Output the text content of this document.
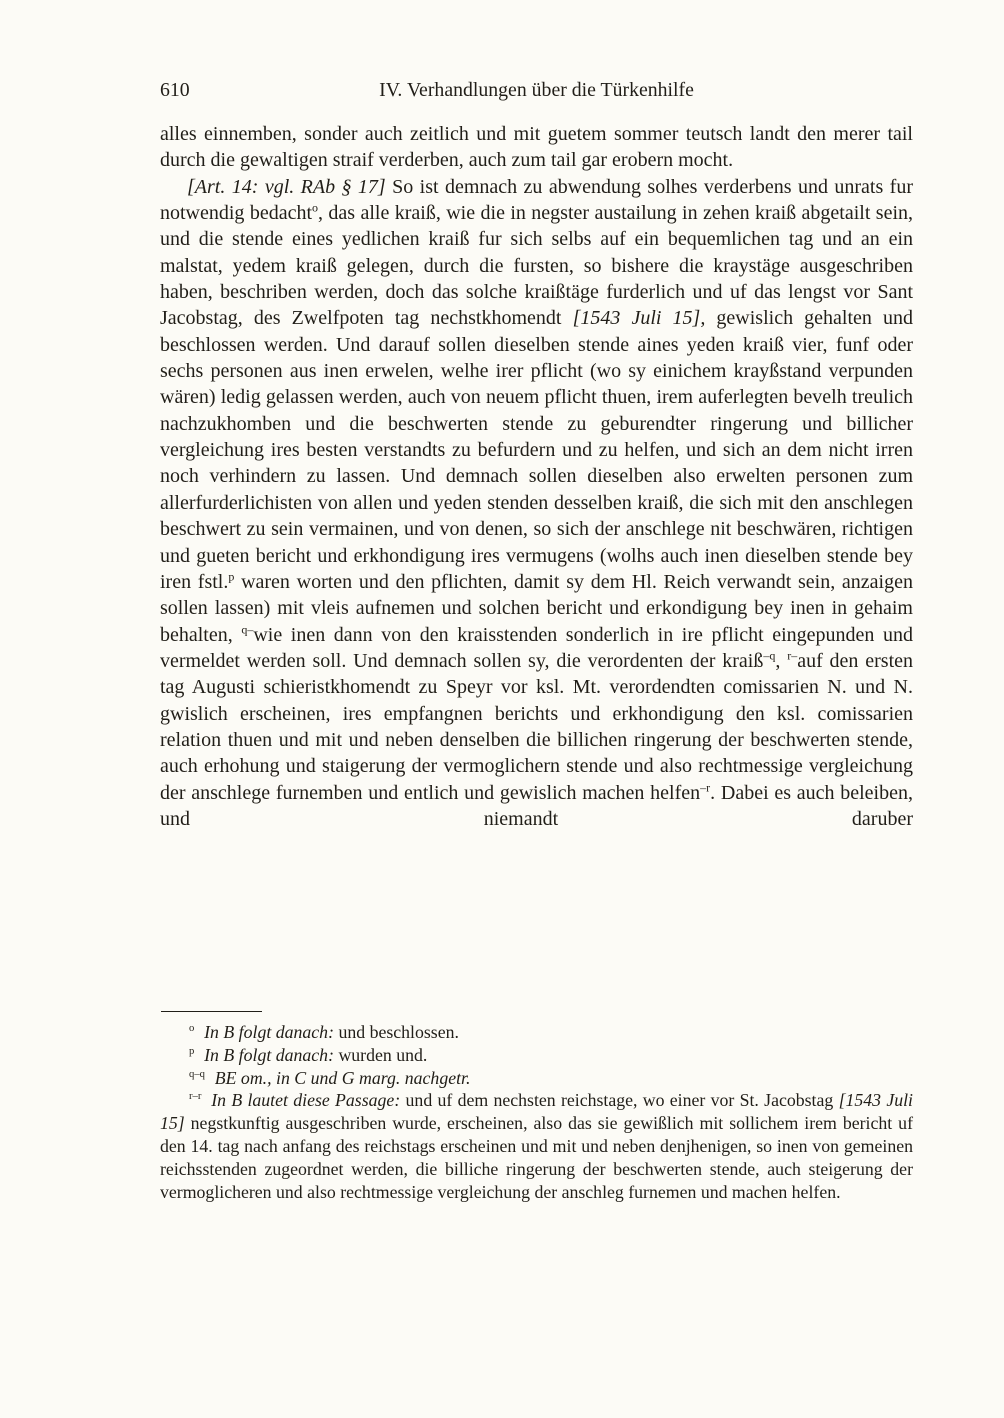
610	IV. Verhandlungen über die Türkenhilfe

alles einnemben, sonder auch zeitlich und mit guetem sommer teutsch landt den merer tail durch die gewaltigen straif verderben, auch zum tail gar erobern mocht.

[Art. 14: vgl. RAb § 17] So ist demnach zu abwendung solhes verderbens und unrats fur notwendig bedacht$^o$, das alle kraiß, wie die in negster austailung in zehen kraiß abgetailt sein, und die stende eines yedlichen kraiß fur sich selbs auf ein bequemlichen tag und an ein malstat, yedem kraiß gelegen, durch die fursten, so bishere die kraystäge ausgeschriben haben, beschriben werden, doch das solche kraißtäge furderlich und uf das lengst vor Sant Jacobstag, des Zwelfpoten tag nechstkhomendt [1543 Juli 15], gewislich gehalten und beschlossen werden. Und darauf sollen dieselben stende aines yeden kraiß vier, funf oder sechs personen aus inen erwelen, welhe irer pflicht (wo sy einichem krayßstand verpunden wären) ledig gelassen werden, auch von neuem pflicht thuen, irem auferlegten bevelh treulich nachzukhomben und die beschwerten stende zu geburendter ringerung und billicher vergleichung ires besten verstandts zu befurdern und zu helfen, und sich an dem nicht irren noch verhindern zu lassen. Und demnach sollen dieselben also erwelten personen zum allerfurderlichisten von allen und yeden stenden desselben kraiß, die sich mit den anschlegen beschwert zu sein vermainen, und von denen, so sich der anschlege nit beschwären, richtigen und gueten bericht und erkhondigung ires vermugens (wolhs auch inen dieselben stende bey iren fstl.$^p$ waren worten und den pflichten, damit sy dem Hl. Reich verwandt sein, anzaigen sollen lassen) mit vleis aufnemen und solchen bericht und erkondigung bey inen in gehaim behalten, $^{q-}$wie inen dann von den kraisstenden sonderlich in ire pflicht eingepunden und vermeldet werden soll. Und demnach sollen sy, die verordenten der kraiß$^{-q}$, $^{r-}$auf den ersten tag Augusti schieristkhomendt zu Speyr vor ksl. Mt. verordendten comissarien N. und N. gwislich erscheinen, ires empfangnen berichts und erkhondigung den ksl. comissarien relation thuen und mit und neben denselben die billichen ringerung der beschwerten stende, auch erhohung und staigerung der vermoglichern stende und also rechtmessige vergleichung der anschlege furnemben und entlich und gewislich machen helfen$^{-r}$. Dabei es auch beleiben, und niemandt daruber

$^o$ In B folgt danach: und beschlossen.

$^p$ In B folgt danach: wurden und.

$^{q-q}$ BE om., in C und G marg. nachgetr.

$^{r-r}$ In B lautet diese Passage: und uf dem nechsten reichstage, wo einer vor St. Jacobstag [1543 Juli 15] negstkunftig ausgeschriben wurde, erscheinen, also das sie gewißlich mit sollichem irem bericht uf den 14. tag nach anfang des reichstags erscheinen und mit und neben denjhenigen, so inen von gemeinen reichsstenden zugeordnet werden, die billiche ringerung der beschwerten stende, auch steigerung der vermoglicheren und also rechtmessige vergleichung der anschleg furnemen und machen helfen.
